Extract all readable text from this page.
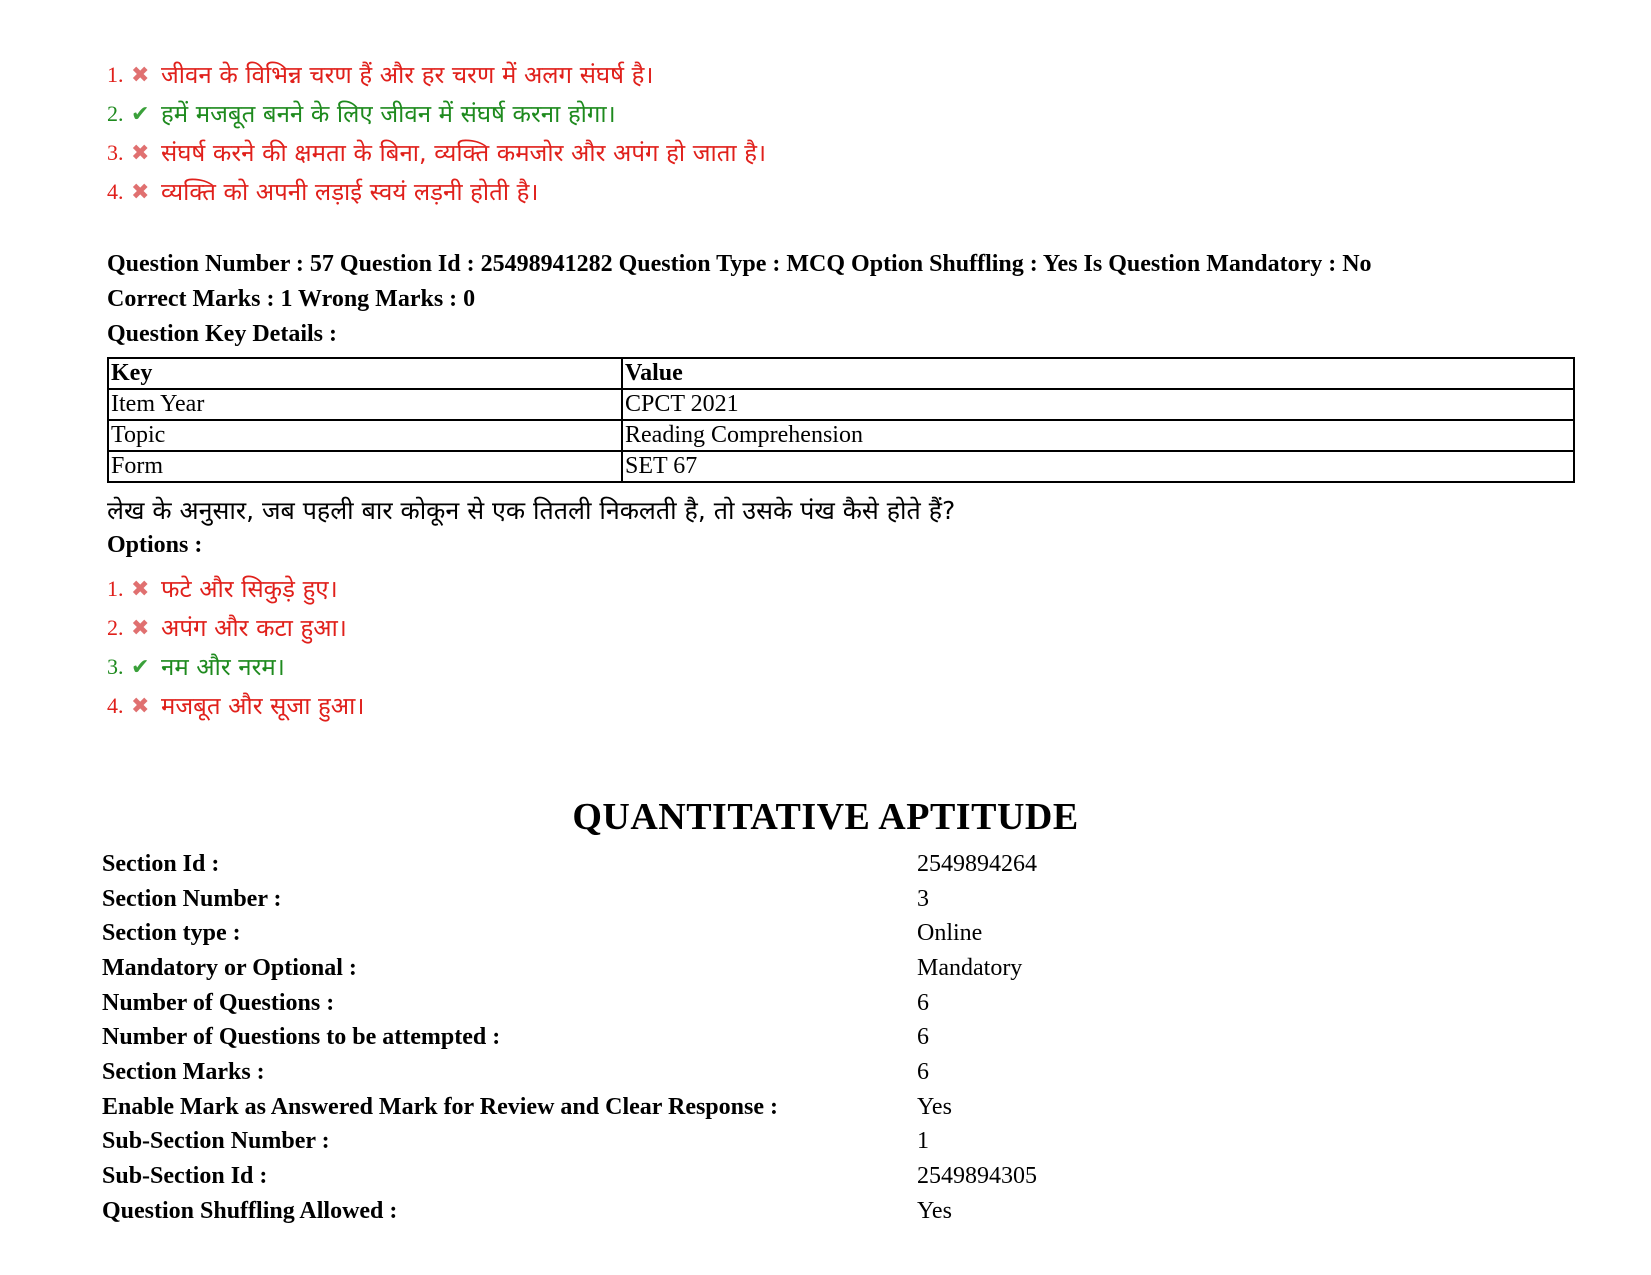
1. ✖ जीवन के विभिन्न चरण हैं और हर चरण में अलग संघर्ष है।
2. ✔ हमें मजबूत बनने के लिए जीवन में संघर्ष करना होगा।
3. ✖ संघर्ष करने की क्षमता के बिना, व्यक्ति कमजोर और अपंग हो जाता है।
4. ✖ व्यक्ति को अपनी लड़ाई स्वयं लड़नी होती है।
Question Number : 57 Question Id : 25498941282 Question Type : MCQ Option Shuffling : Yes Is Question Mandatory : No
Correct Marks : 1 Wrong Marks : 0
Question Key Details :
Key	Value
Item Year	CPCT 2021
Topic	Reading Comprehension
Form	SET 67
लेख के अनुसार, जब पहली बार कोकून से एक तितली निकलती है, तो उसके पंख कैसे होते हैं?
Options :
1. ✖ फटे और सिकुड़े हुए।
2. ✖ अपंग और कटा हुआ।
3. ✔ नम और नरम।
4. ✖ मजबूत और सूजा हुआ।
QUANTITATIVE APTITUDE
Section Id :	2549894264
Section Number :	3
Section type :	Online
Mandatory or Optional :	Mandatory
Number of Questions :	6
Number of Questions to be attempted :	6
Section Marks :	6
Enable Mark as Answered Mark for Review and Clear Response :	Yes
Sub-Section Number :	1
Sub-Section Id :	2549894305
Question Shuffling Allowed :	Yes
